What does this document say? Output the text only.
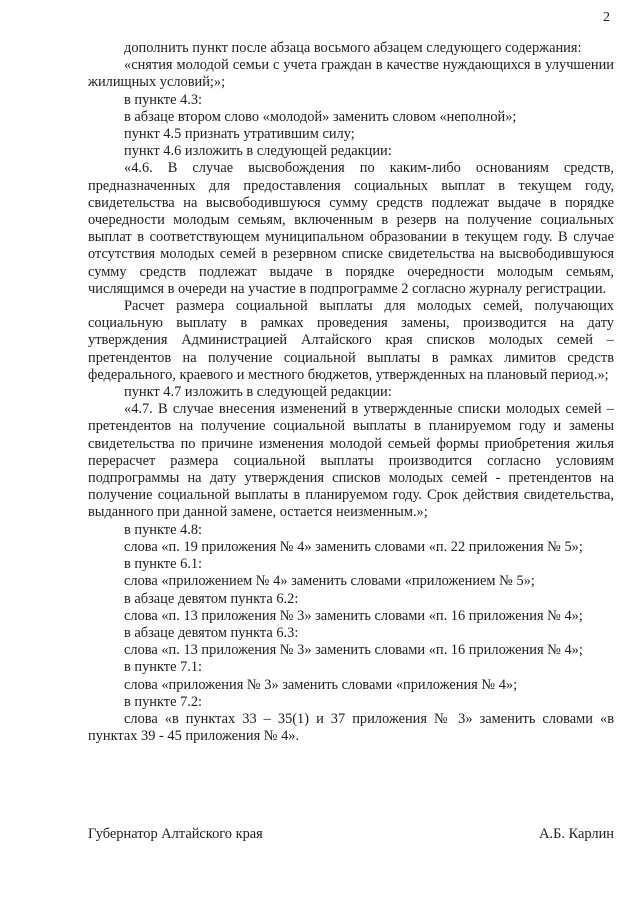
2

дополнить пункт после абзаца восьмого абзацем следующего содержания:

«снятия молодой семьи с учета граждан в качестве нуждающихся в улучшении жилищных условий;»;

в пункте 4.3:

в абзаце втором слово «молодой» заменить словом «неполной»;

пункт 4.5 признать утратившим силу;

пункт 4.6 изложить в следующей редакции:

«4.6. В случае высвобождения по каким-либо основаниям средств, предназначенных для предоставления социальных выплат в текущем году, свидетельства на высвободившуюся сумму средств подлежат выдаче в порядке очередности молодым семьям, включенным в резерв на получение социальных выплат в соответствующем муниципальном образовании в текущем году. В случае отсутствия молодых семей в резервном списке свидетельства на высвободившуюся сумму средств подлежат выдаче в порядке очередности молодым семьям, числящимся в очереди на участие в подпрограмме 2 согласно журналу регистрации.

Расчет размера социальной выплаты для молодых семей, получающих социальную выплату в рамках проведения замены, производится на дату утверждения Администрацией Алтайского края списков молодых семей – претендентов на получение социальной выплаты в рамках лимитов средств федерального, краевого и местного бюджетов, утвержденных на плановый период.»;

пункт 4.7 изложить в следующей редакции:

«4.7. В случае внесения изменений в утвержденные списки молодых семей – претендентов на получение социальной выплаты в планируемом году и замены свидетельства по причине изменения молодой семьей формы приобретения жилья перерасчет размера социальной выплаты производится согласно условиям подпрограммы на дату утверждения списков молодых семей - претендентов на получение социальной выплаты в планируемом году. Срок действия свидетельства, выданного при данной замене, остается неизменным.»;

в пункте 4.8:

слова «п. 19 приложения № 4» заменить словами «п. 22 приложения № 5»;

в пункте 6.1:

слова «приложением № 4» заменить словами «приложением № 5»;

в абзаце девятом пункта 6.2:

слова «п. 13 приложения № 3» заменить словами «п. 16 приложения № 4»;

в абзаце девятом пункта 6.3:

слова «п. 13 приложения № 3» заменить словами «п. 16 приложения № 4»;

в пункте 7.1:

слова «приложения № 3» заменить словами «приложения № 4»;

в пункте 7.2:

слова «в пунктах 33 – 35(1) и 37 приложения № 3» заменить словами «в пунктах 39 - 45 приложения № 4».

Губернатор Алтайского края	А.Б. Карлин
